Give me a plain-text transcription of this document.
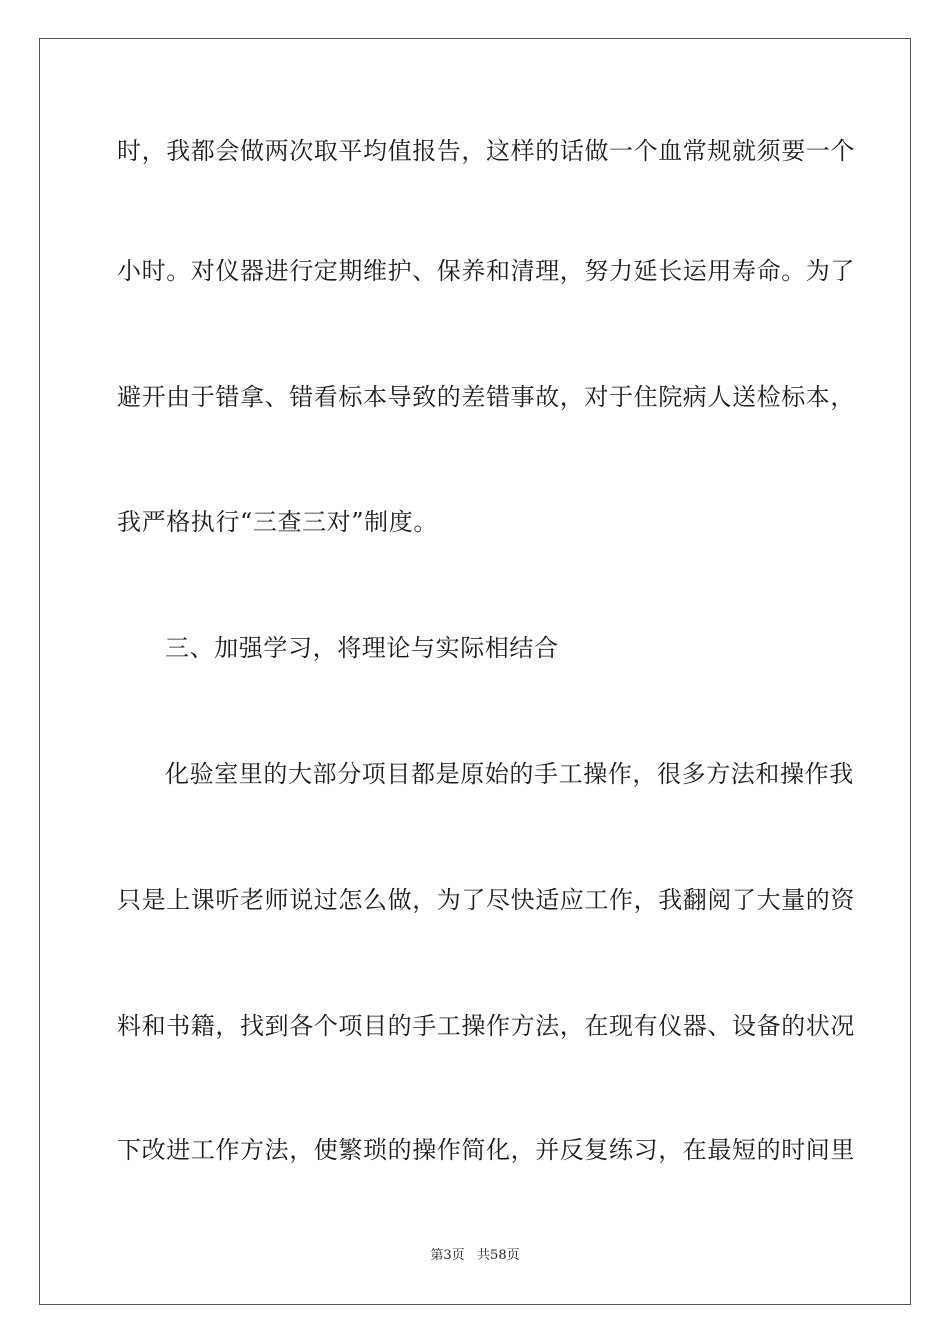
时，我都会做两次取平均值报告，这样的话做一个血常规就须要一个
小时。对仪器进行定期维护、保养和清理，努力延长运用寿命。为了
避开由于错拿、错看标本导致的差错事故，对于住院病人送检标本，
我严格执行“三查三对”制度。
三、加强学习，将理论与实际相结合
化验室里的大部分项目都是原始的手工操作，很多方法和操作我
只是上课听老师说过怎么做，为了尽快适应工作，我翻阅了大量的资
料和书籍，找到各个项目的手工操作方法，在现有仪器、设备的状况
下改进工作方法，使繁琐的操作简化，并反复练习，在最短的时间里
第3页   共58页
